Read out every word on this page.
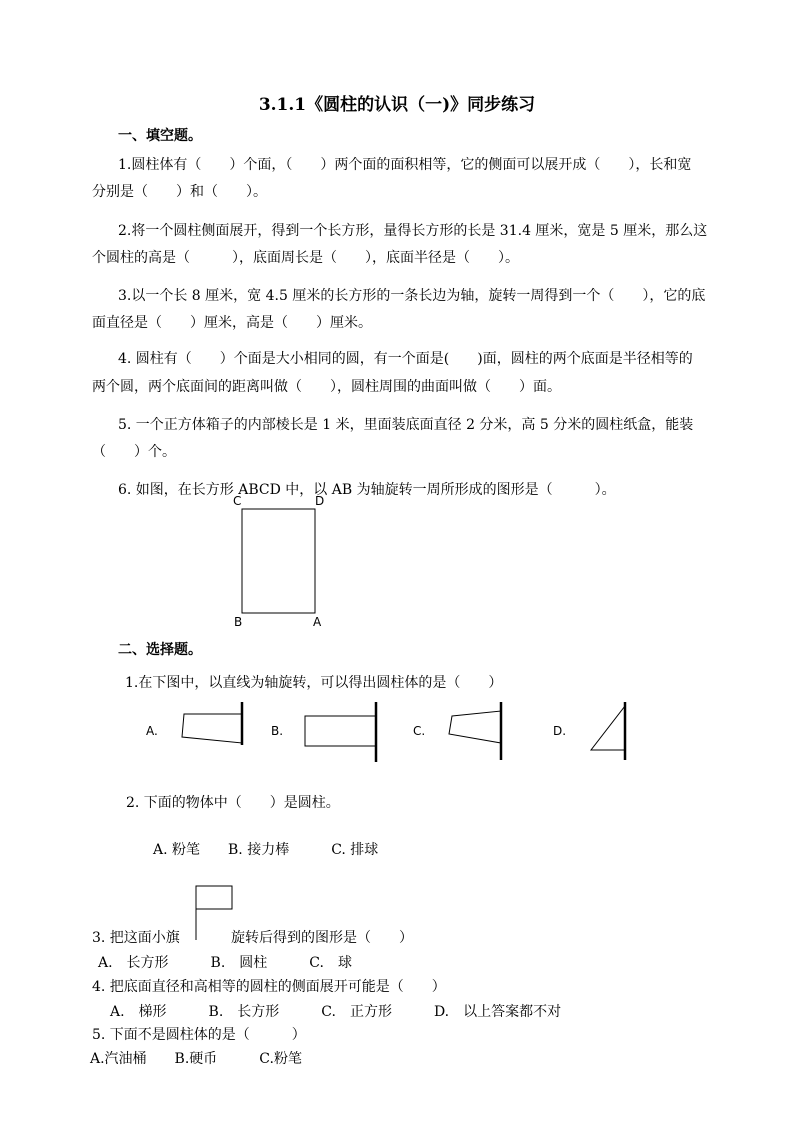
3.1.1《圆柱的认识（一)》同步练习
一、填空题。
1.圆柱体有（　　）个面，（　　）两个面的面积相等，它的侧面可以展开成（　　），长和宽
分别是（　　）和（　　）。
2.将一个圆柱侧面展开，得到一个长方形，量得长方形的长是 31.4 厘米，宽是 5 厘米，那么这
个圆柱的高是（　　　），底面周长是（　　），底面半径是（　　）。
3.以一个长 8 厘米，宽 4.5 厘米的长方形的一条长边为轴，旋转一周得到一个（　　），它的底
面直径是（　　）厘米，高是（　　）厘米。
4. 圆柱有（　　）个面是大小相同的圆，有一个面是(　　)面，圆柱的两个底面是半径相等的
两个圆，两个底面间的距离叫做（　　），圆柱周围的曲面叫做（　　）面。
5. 一个正方体箱子的内部棱长是 1 米，里面装底面直径 2 分米，高 5 分米的圆柱纸盒，能装
（　　）个。
6. 如图，在长方形 ABCD 中，以 AB 为轴旋转一周所形成的图形是（　　　）。
C	D
B	A
二、选择题。
1.在下图中，以直线为轴旋转，可以得出圆柱体的是（　　）
A.	B.	C.	D.
2. 下面的物体中（　　）是圆柱。
A. 粉笔　　B. 接力棒　　　C. 排球
3. 把这面小旗	旋转后得到的图形是（　　）
A.　长方形　　　B.　圆柱　　　C.　球
4. 把底面直径和高相等的圆柱的侧面展开可能是（　　）
A.　梯形　　　B.　长方形　　　C.　正方形　　　D.　以上答案都不对
5. 下面不是圆柱体的是（　　　）
A.汽油桶　　B.硬币　　　C.粉笔
